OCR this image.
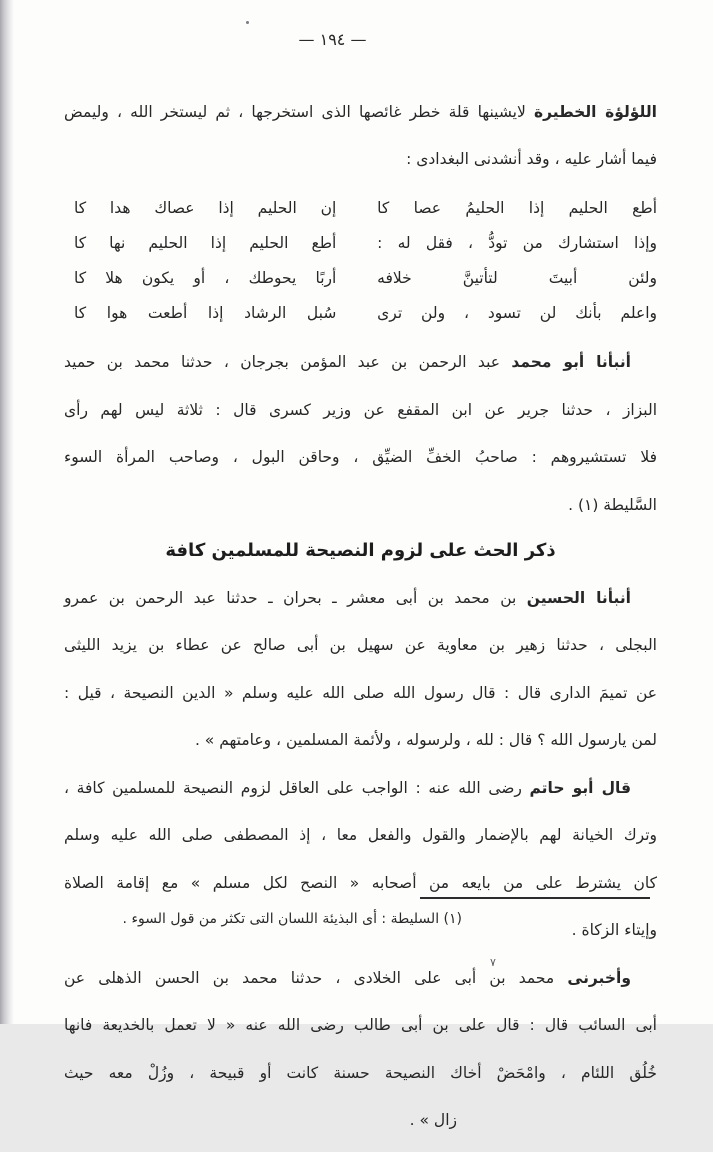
— ١٩٤ —

اللؤلؤة الخطيرة لايشينها قلة خطر غائصها الذى استخرجها ، ثم ليستخر الله ، وليمض

فيما أشار عليه ، وقد أنشدنى البغدادى :

أطع الحليم إذا الحليمُ عصا كا
إن الحليم إذا عصاك هدا كا
وإذا استشارك من تودُّ ، فقل له :
أطع الحليم إذا الحليم نها كا
ولئن أبيتَ لتأتينَّ خلافه
أربًا يحوطك ، أو يكون هلا كا
واعلم بأنك لن تسود ، ولن ترى
سُبل الرشاد إذا أطعت هوا كا

أنبأنا أبو محمد عبد الرحمن بن عبد المؤمن بجرجان ، حدثنا محمد بن حميد

البزاز ، حدثنا جرير عن ابن المقفع عن وزير كسرى قال : ثلاثة ليس لهم رأى

فلا تستشيروهم : صاحبُ الخفِّ الضيِّق ، وحاقن البول ، وصاحب المرأة السوء

السَّليطة (١) .

ذكر الحث على لزوم النصيحة للمسلمين كافة

أنبأنا الحسين بن محمد بن أبى معشر ـ بحران ـ حدثنا عبد الرحمن بن عمرو

البجلى ، حدثنا زهير بن معاوية عن سهيل بن أبى صالح عن عطاء بن يزيد الليثى

عن تميمَ الدارى قال : قال رسول الله صلى الله عليه وسلم « الدين النصيحة ، قيل :

لمن يارسول الله ؟ قال : لله ، ولرسوله ، ولأئمة المسلمين ، وعامتهم » .

قال أبو حاتم رضى الله عنه : الواجب على العاقل لزوم النصيحة للمسلمين كافة ،

وترك الخيانة لهم بالإضمار والقول والفعل معا ، إذ المصطفى صلى الله عليه وسلم

كان يشترط على من بايعه من أصحابه « النصح لكل مسلم » مع إقامة الصلاة

وإيتاء الزكاة .

وأخبرنى محمد بن أبى على الخلادى ، حدثنا محمد بن الحسن الذهلى عن

أبى السائب قال : قال على بن أبى طالب رضى الله عنه « لا تعمل بالخديعة فانها

خُلُق اللئام ، وامْحَضْ أخاك النصيحة حسنة كانت أو قبيحة ، وزُلْ معه حيث

زال » .

(١) السليطة : أى البذيئة اللسان التى تكثر من قول السوء .
٧
